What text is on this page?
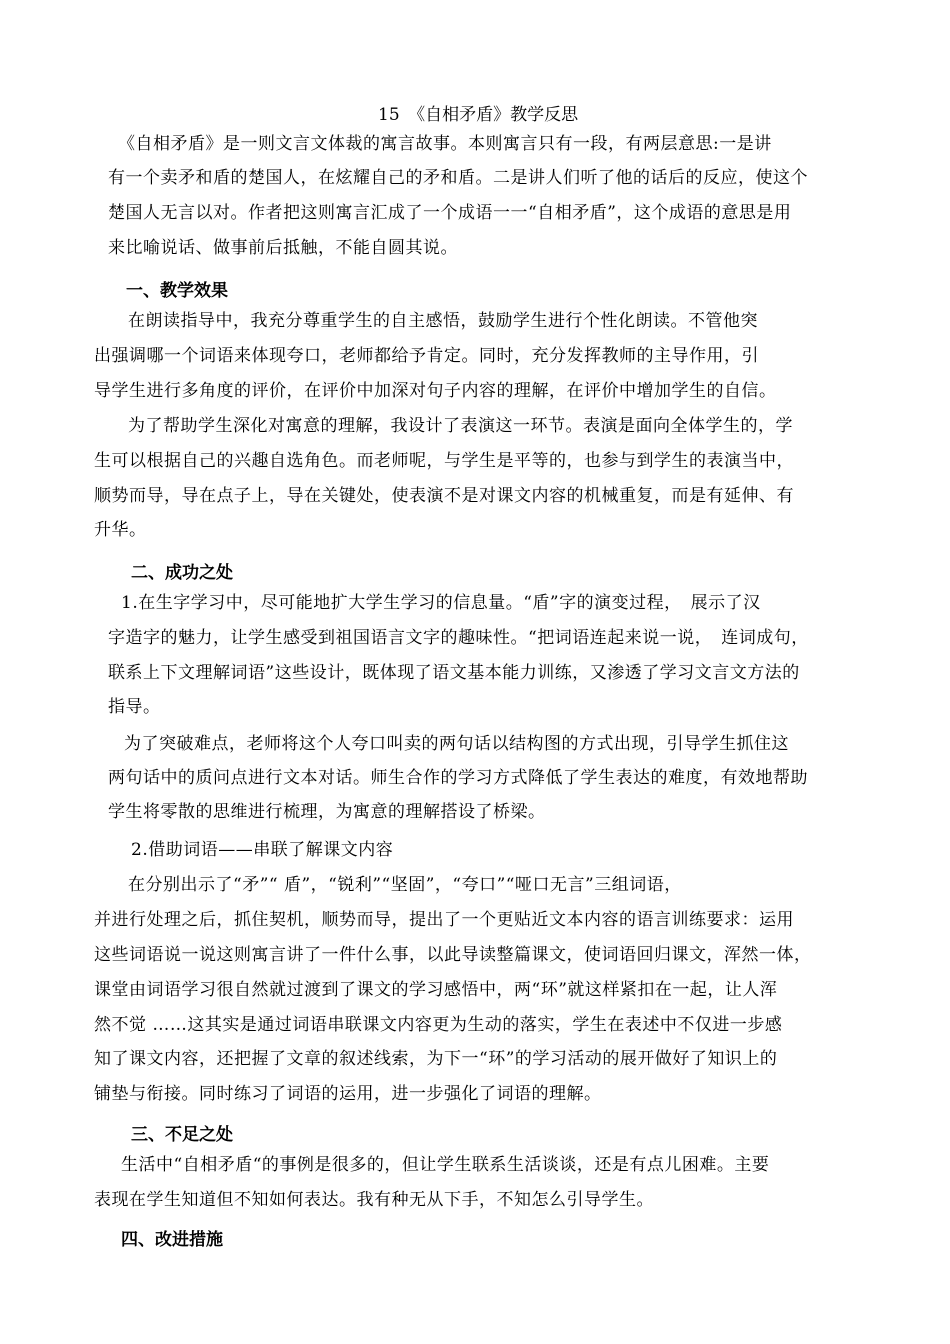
15　《自相矛盾》教学反思
《自相矛盾》是一则文言文体裁的寓言故事。本则寓言只有一段，有两层意思:一是讲
有一个卖矛和盾的楚国人，在炫耀自己的矛和盾。二是讲人们听了他的话后的反应，使这个
楚国人无言以对。作者把这则寓言汇成了一个成语一一“自相矛盾”，这个成语的意思是用
来比喻说话、做事前后抵触，不能自圆其说。
一、教学效果
在朗读指导中，我充分尊重学生的自主感悟，鼓励学生进行个性化朗读。不管他突
出强调哪一个词语来体现夸口，老师都给予肯定。同时，充分发挥教师的主导作用，引
导学生进行多角度的评价，在评价中加深对句子内容的理解，在评价中增加学生的自信。
为了帮助学生深化对寓意的理解，我设计了表演这一环节。表演是面向全体学生的，学
生可以根据自己的兴趣自选角色。而老师呢，与学生是平等的，也参与到学生的表演当中，
顺势而导，导在点子上，导在关键处，使表演不是对课文内容的机械重复，而是有延伸、有
升华。
二、成功之处
1.在生字学习中，尽可能地扩大学生学习的信息量。“盾”字的演变过程，　展示了汉
字造字的魅力，让学生感受到祖国语言文字的趣味性。“把词语连起来说一说，　连词成句，
联系上下文理解词语”这些设计，既体现了语文基本能力训练，又渗透了学习文言文方法的
指导。
为了突破难点，老师将这个人夸口叫卖的两句话以结构图的方式出现，引导学生抓住这
两句话中的质问点进行文本对话。师生合作的学习方式降低了学生表达的难度，有效地帮助
学生将零散的思维进行梳理，为寓意的理解搭设了桥梁。
2.借助词语——串联了解课文内容
在分别出示了“矛”“ 盾”，“锐利”“坚固”，“夸口”“哑口无言”三组词语，
并进行处理之后，抓住契机，顺势而导，提出了一个更贴近文本内容的语言训练要求：运用
这些词语说一说这则寓言讲了一件什么事，以此导读整篇课文，使词语回归课文，浑然一体，
课堂由词语学习很自然就过渡到了课文的学习感悟中，两“环”就这样紧扣在一起，让人浑
然不觉 ……这其实是通过词语串联课文内容更为生动的落实，学生在表述中不仅进一步感
知了课文内容，还把握了文章的叙述线索，为下一“环”的学习活动的展开做好了知识上的
铺垫与衔接。同时练习了词语的运用，进一步强化了词语的理解。
三、不足之处
生活中“自相矛盾“的事例是很多的，但让学生联系生活谈谈，还是有点儿困难。主要
表现在学生知道但不知如何表达。我有种无从下手，不知怎么引导学生。
四、改进措施
